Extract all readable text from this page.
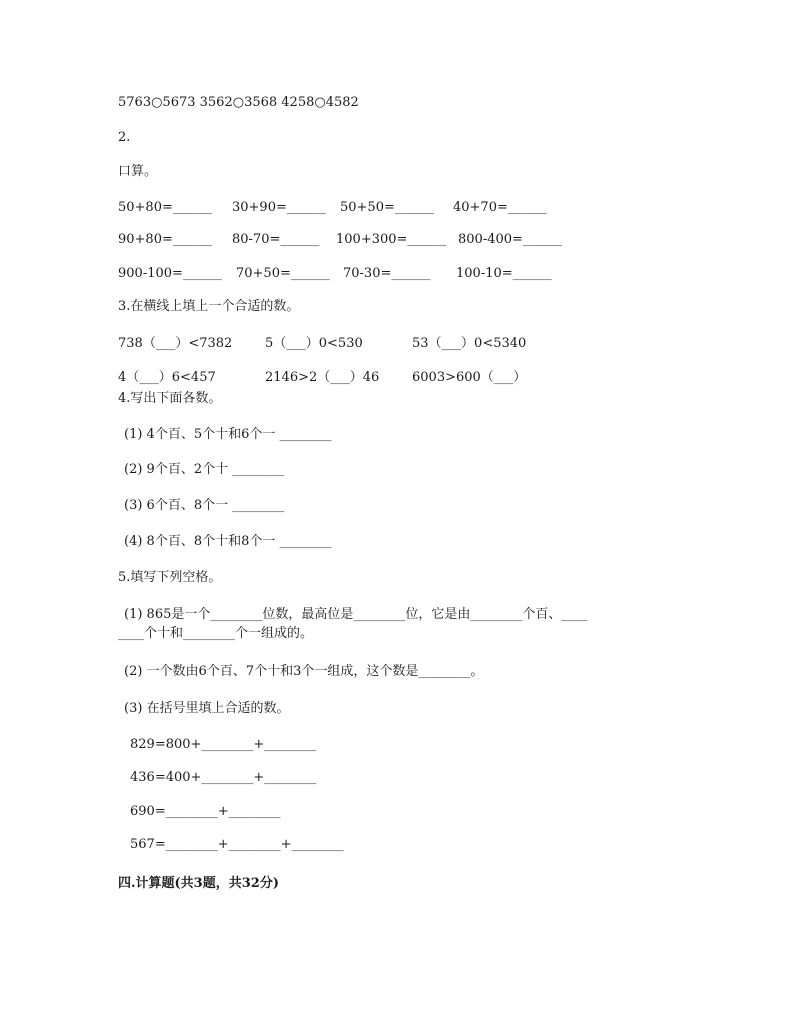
5763○5673 3562○3568 4258○4582
2.
口算。
50+80=______ 30+90=______ 50+50=______ 40+70=______
90+80=______ 80-70=______ 100+300=______ 800-400=______
900-100=______ 70+50=______ 70-30=______ 100-10=______
3.在横线上填上一个合适的数。
738（___）<7382	5（___）0<530	53（___）0<5340
4（___）6<457	2146>2（___）46	6003>600（___）
4.写出下面各数。
(1) 4个百、5个十和6个一 ________
(2) 9个百、2个十 ________
(3) 6个百、8个一 ________
(4) 8个百、8个十和8个一 ________
5.填写下列空格。
(1) 865是一个________位数，最高位是________位，它是由________个百、____
____个十和________个一组成的。
(2) 一个数由6个百、7个十和3个一组成，这个数是________。
(3) 在括号里填上合适的数。
829=800+________+________
436=400+________+________
690=________+________
567=________+________+________
四.计算题(共3题，共32分)
